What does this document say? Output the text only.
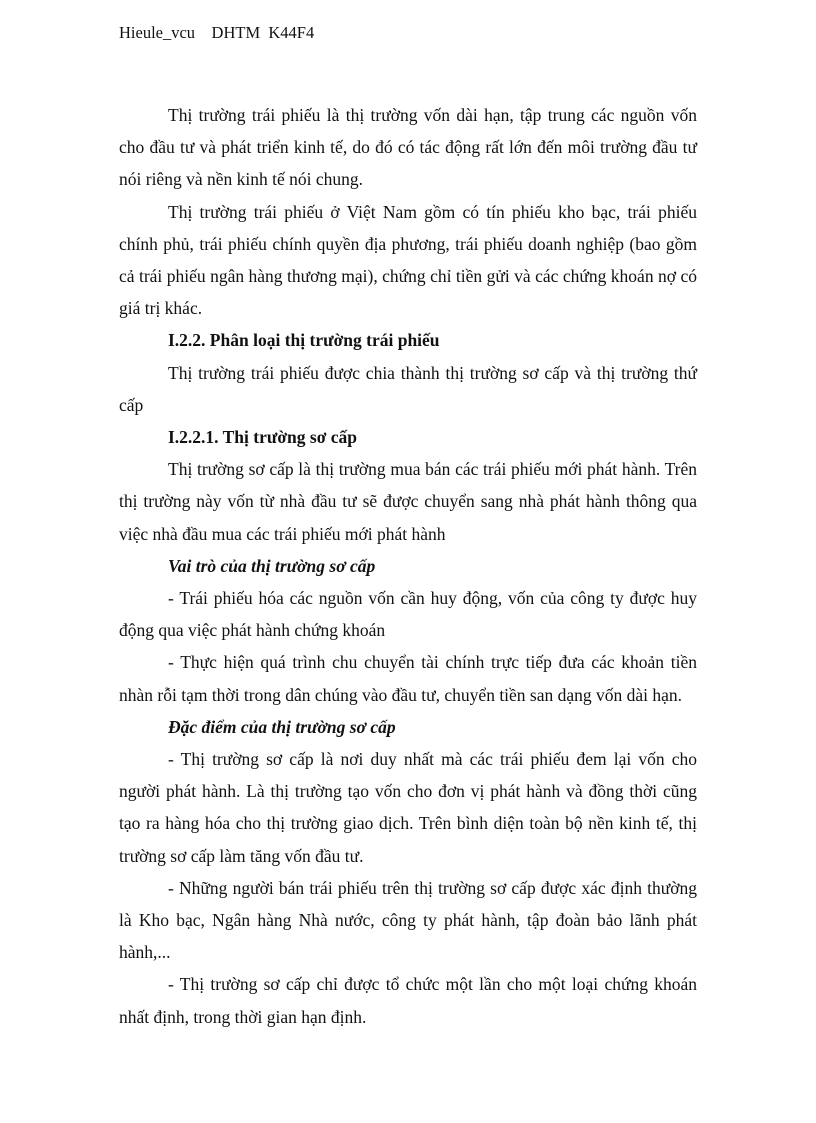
Hieule_vcu    DHTM  K44F4

Thị trường trái phiếu là thị trường vốn dài hạn, tập trung các nguồn vốn cho đầu tư và phát triển kinh tế, do đó có tác động rất lớn đến môi trường đầu tư nói riêng và nền kinh tế nói chung.

Thị trường trái phiếu ở Việt Nam gồm có tín phiếu kho bạc, trái phiếu chính phủ, trái phiếu chính quyền địa phương, trái phiếu doanh nghiệp (bao gồm cả trái phiếu ngân hàng thương mại), chứng chỉ tiền gửi và các chứng khoán nợ có giá trị khác.

I.2.2. Phân loại thị trường trái phiếu

Thị trường trái phiếu được chia thành thị trường sơ cấp và thị trường thứ cấp

I.2.2.1. Thị trường sơ cấp

Thị trường sơ cấp là thị trường mua bán các trái phiếu mới phát hành. Trên thị trường này vốn từ nhà đầu tư sẽ được chuyển sang nhà phát hành thông qua việc nhà đầu mua các trái phiếu mới phát hành

Vai trò của thị trường sơ cấp

- Trái phiếu hóa các nguồn vốn cần huy động, vốn của công ty được huy động qua việc phát hành chứng khoán

- Thực hiện quá trình chu chuyển tài chính trực tiếp đưa các khoản tiền nhàn rỗi tạm thời trong dân chúng vào đầu tư, chuyển tiền san dạng vốn dài hạn.

Đặc điểm của thị trường sơ cấp

- Thị trường sơ cấp là nơi duy nhất mà các trái phiếu đem lại vốn cho người phát hành. Là thị trường tạo vốn cho đơn vị phát hành và đồng thời cũng tạo ra hàng hóa cho thị trường giao dịch. Trên bình diện toàn bộ nền kinh tế, thị trường sơ cấp làm tăng vốn đầu tư.

- Những người bán trái phiếu trên thị trường sơ cấp được xác định thường là Kho bạc, Ngân hàng Nhà nước, công ty phát hành, tập đoàn bảo lãnh phát hành,...

- Thị trường sơ cấp chỉ được tổ chức một lần cho một loại chứng khoán nhất định, trong thời gian hạn định.
